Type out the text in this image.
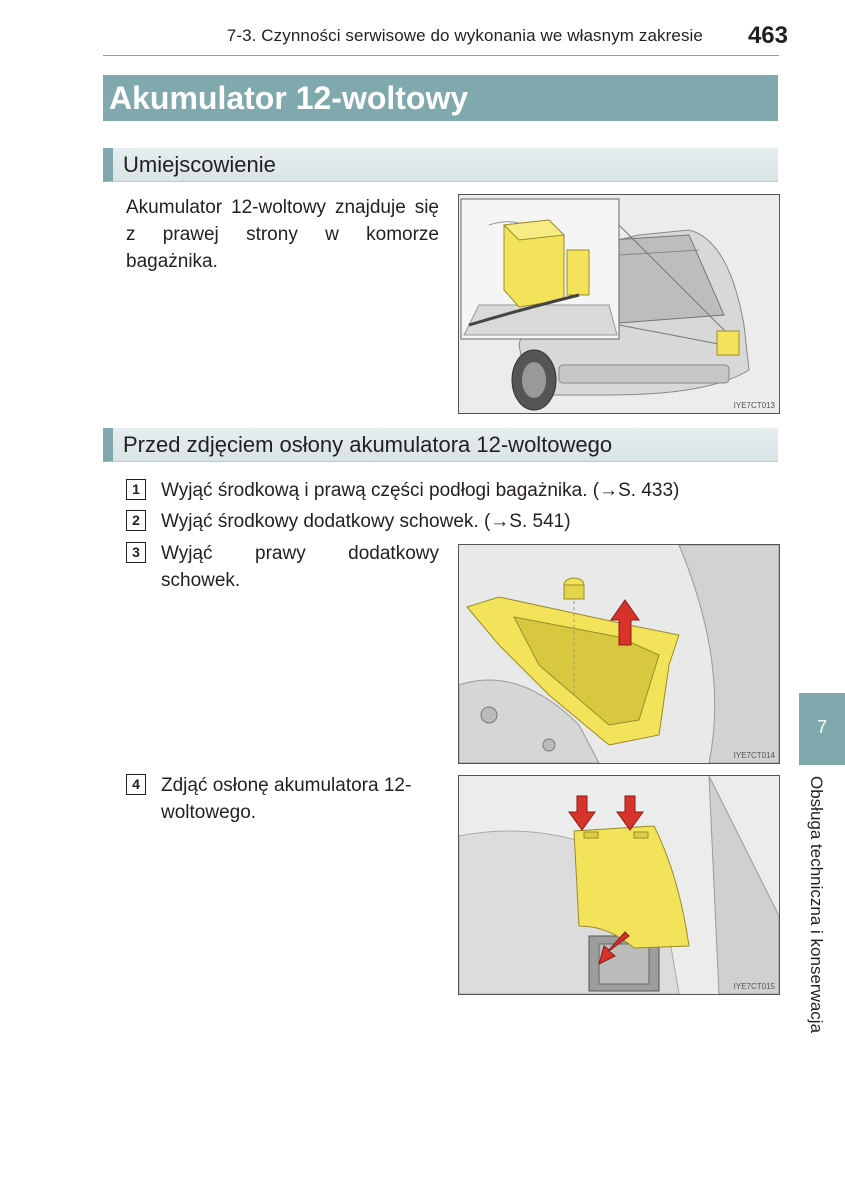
7-3. Czynności serwisowe do wykonania we własnym zakresie	463
Akumulator 12-woltowy
Umiejscowienie
Akumulator 12-woltowy znajduje się z prawej strony w komorze bagażnika.
IYE7CT013
Przed zdjęciem osłony akumulatora 12-woltowego
1	Wyjąć środkową i prawą części podłogi bagażnika. (→S. 433)
2	Wyjąć środkowy dodatkowy schowek. (→S. 541)
3	Wyjąć prawy dodatkowy schowek.
IYE7CT014
4	Zdjąć osłonę akumulatora 12-woltowego.
IYE7CT015
7
Obsługa techniczna i konserwacja
